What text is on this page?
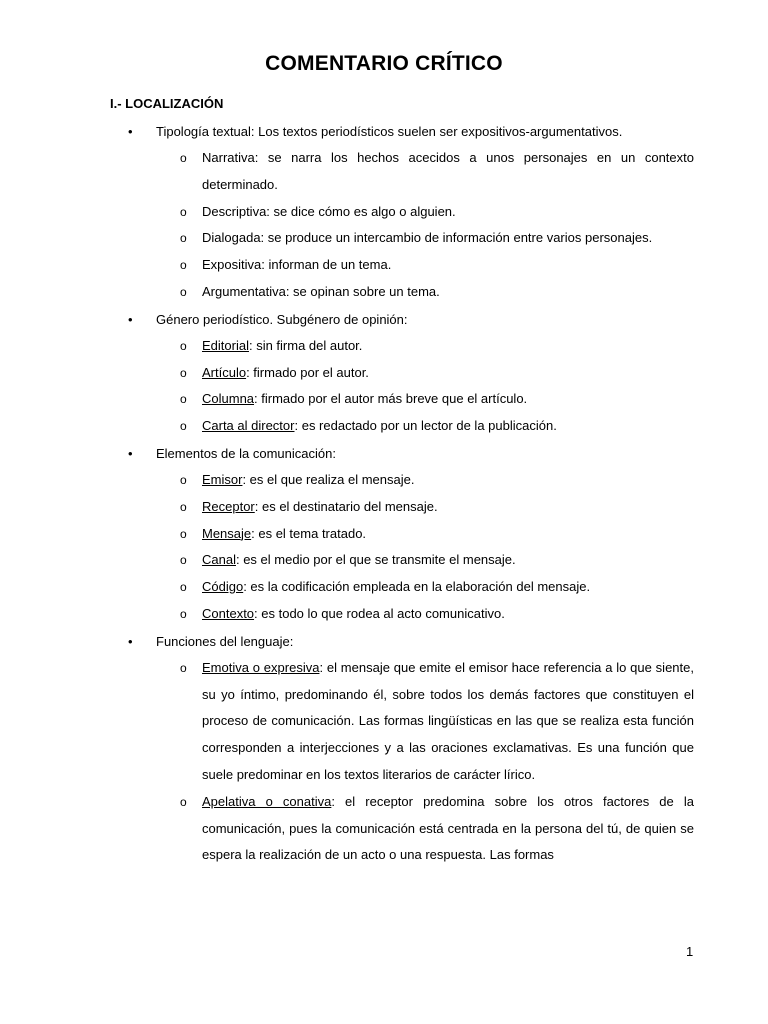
COMENTARIO CRÍTICO
I.- LOCALIZACIÓN
• Tipología textual: Los textos periodísticos suelen ser expositivos-argumentativos.
o Narrativa: se narra los hechos acecidos a unos personajes en un contexto determinado.
o Descriptiva: se dice cómo es algo o alguien.
o Dialogada: se produce un intercambio de información entre varios personajes.
o Expositiva: informan de un tema.
o Argumentativa: se opinan sobre un tema.
• Género periodístico. Subgénero de opinión:
o Editorial: sin firma del autor.
o Artículo: firmado por el autor.
o Columna: firmado por el autor más breve que el artículo.
o Carta al director: es redactado por un lector de la publicación.
• Elementos de la comunicación:
o Emisor: es el que realiza el mensaje.
o Receptor: es el destinatario del mensaje.
o Mensaje: es el tema tratado.
o Canal: es el medio por el que se transmite el mensaje.
o Código: es la codificación empleada en la elaboración del mensaje.
o Contexto: es todo lo que rodea al acto comunicativo.
• Funciones del lenguaje:
o Emotiva o expresiva: el mensaje que emite el emisor hace referencia a lo que siente, su yo íntimo, predominando él, sobre todos los demás factores que constituyen el proceso de comunicación. Las formas lingüísticas en las que se realiza esta función corresponden a interjecciones y a las oraciones exclamativas. Es una función que suele predominar en los textos literarios de carácter lírico.
o Apelativa o conativa: el receptor predomina sobre los otros factores de la comunicación, pues la comunicación está centrada en la persona del tú, de quien se espera la realización de un acto o una respuesta. Las formas
1
